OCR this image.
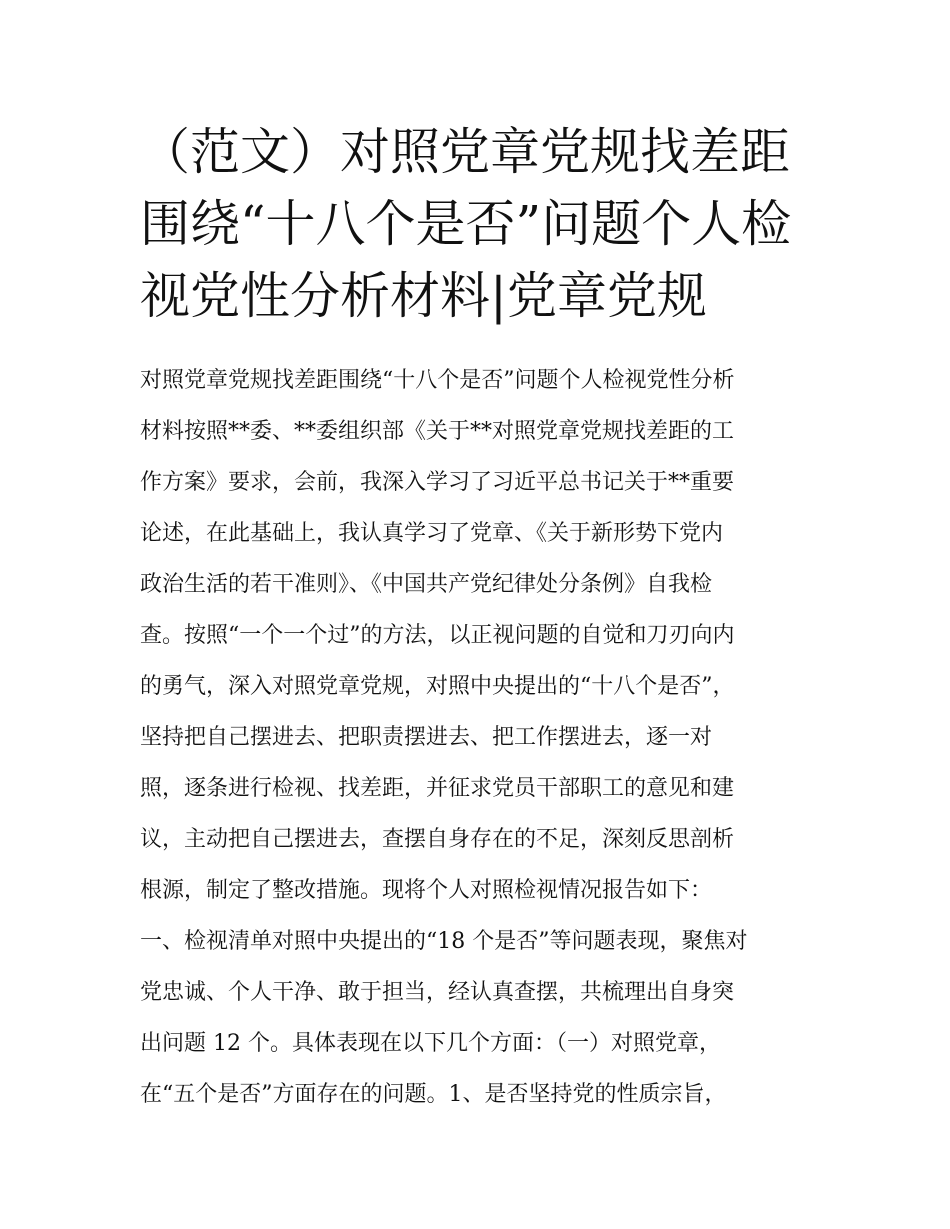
（范文）对照党章党规找差距
围绕“十八个是否”问题个人检
视党性分析材料|党章党规
对照党章党规找差距围绕“十八个是否”问题个人检视党性分析
材料按照**委、**委组织部《关于**对照党章党规找差距的工
作方案》要求，会前，我深入学习了习近平总书记关于**重要
论述，在此基础上，我认真学习了党章、《关于新形势下党内
政治生活的若干准则》、《中国共产党纪律处分条例》自我检
查。按照“一个一个过”的方法，以正视问题的自觉和刀刃向内
的勇气，深入对照党章党规，对照中央提出的“十八个是否”，
坚持把自己摆进去、把职责摆进去、把工作摆进去，逐一对
照，逐条进行检视、找差距，并征求党员干部职工的意见和建
议，主动把自己摆进去，查摆自身存在的不足，深刻反思剖析
根源，制定了整改措施。现将个人对照检视情况报告如下：
一、检视清单对照中央提出的“18 个是否”等问题表现，聚焦对
党忠诚、个人干净、敢于担当，经认真查摆，共梳理出自身突
出问题 12 个。具体表现在以下几个方面：（一）对照党章，
在“五个是否”方面存在的问题。1、是否坚持党的性质宗旨，
